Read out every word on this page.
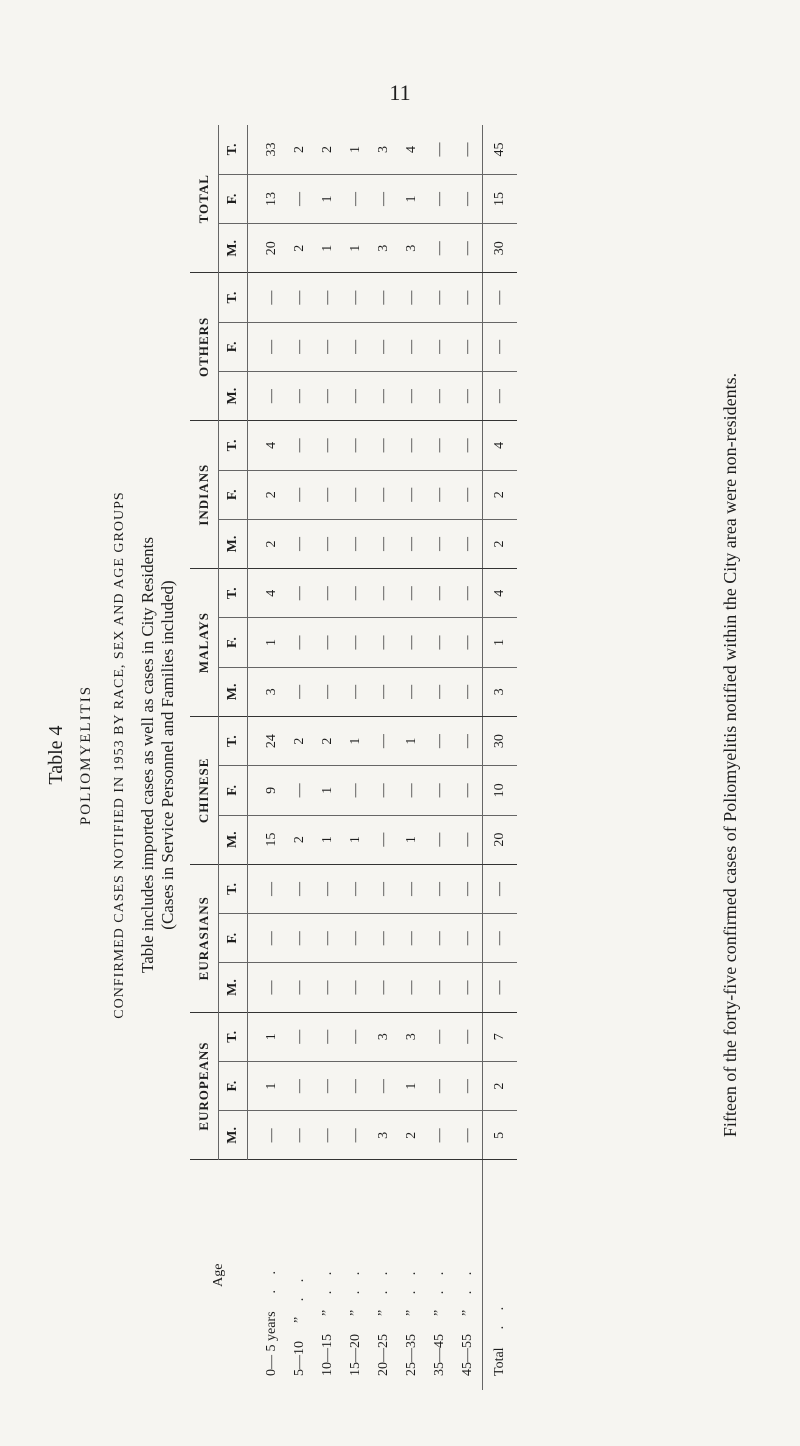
11
Table 4 POLIOMYELITIS CONFIRMED CASES NOTIFIED IN 1953 BY RACE, SEX AND AGE GROUPS Table includes imported cases as well as cases in City Residents (Cases in Service Personnel and Families included)
Age	EUROPEANS			EURASIANS			CHINESE			MALAYS			INDIANS			OTHERS			TOTAL		
	M.	F.	T.	M.	F.	T.	M.	F.	T.	M.	F.	T.	M.	F.	T.	M.	F.	T.	M.	F.	T.
0— 5 years. .	—	1	1	—	—	—	15	9	24	3	1	4	2	2	4	—	—	—	20	13	33
5—10” . .	—	—	—	—	—	—	2	—	2	—	—	—	—	—	—	—	—	—	2	—	2
10—15” . .	—	—	—	—	—	—	1	1	2	—	—	—	—	—	—	—	—	—	1	1	2
15—20” . .	—	—	—	—	—	—	1	—	1	—	—	—	—	—	—	—	—	—	1	—	1
20—25” . .	3	—	3	—	—	—	—	—	—	—	—	—	—	—	—	—	—	—	3	—	3
25—35” . .	2	1	3	—	—	—	1	—	1	—	—	—	—	—	—	—	—	—	3	1	4
35—45” . .	—	—	—	—	—	—	—	—	—	—	—	—	—	—	—	—	—	—	—	—	—
45—55” . .	—	—	—	—	—	—	—	—	—	—	—	—	—	—	—	—	—	—	—	—	—
Total. .	5	2	7	—	—	—	20	10	30	3	1	4	2	2	4	—	—	—	30	15	45
Fifteen of the forty-five confirmed cases of Poliomyelitis notified within the City area were non-residents.
